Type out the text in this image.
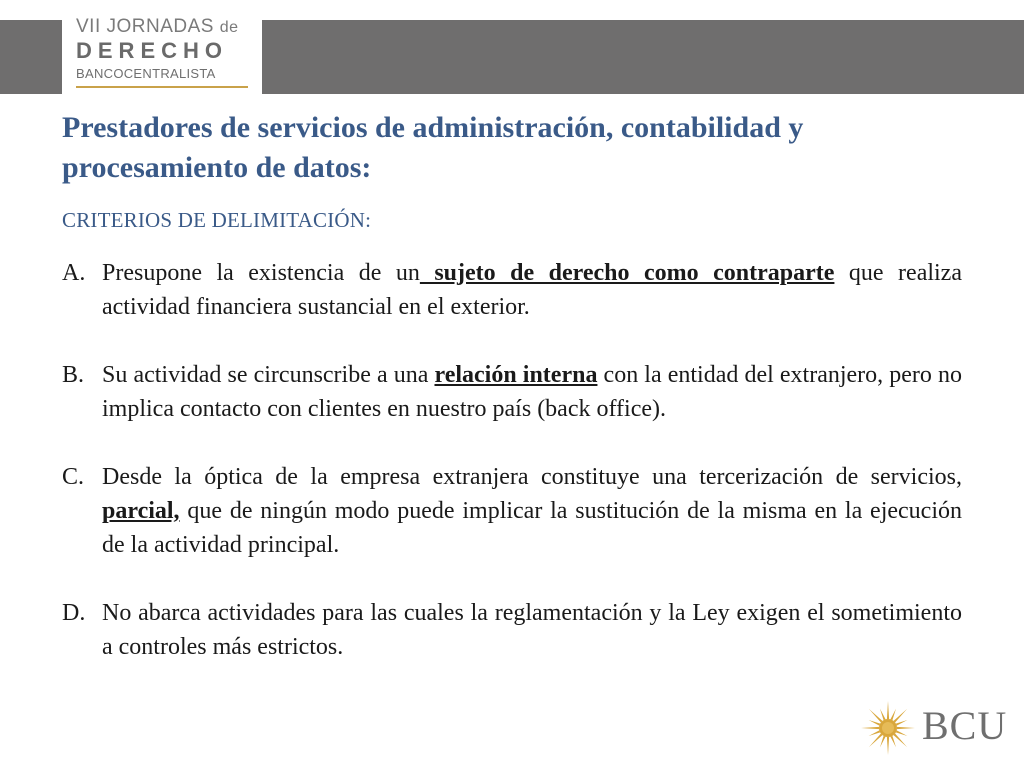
VII JORNADAS de
DERECHO
BANCOCENTRALISTA
Prestadores de servicios de administración, contabilidad y procesamiento de datos:
CRITERIOS DE DELIMITACIÓN:
A. Presupone la existencia de un sujeto de derecho como contraparte que realiza actividad financiera sustancial en el exterior.
B. Su actividad se circunscribe a una relación interna con la entidad del extranjero, pero no implica contacto con clientes en nuestro país (back office).
C. Desde la óptica de la empresa extranjera constituye una tercerización de servicios, parcial, que de ningún modo puede implicar la sustitución de la misma en la ejecución de la actividad principal.
D. No abarca actividades para las cuales la reglamentación y la Ley exigen el sometimiento a controles más estrictos.
BCU
